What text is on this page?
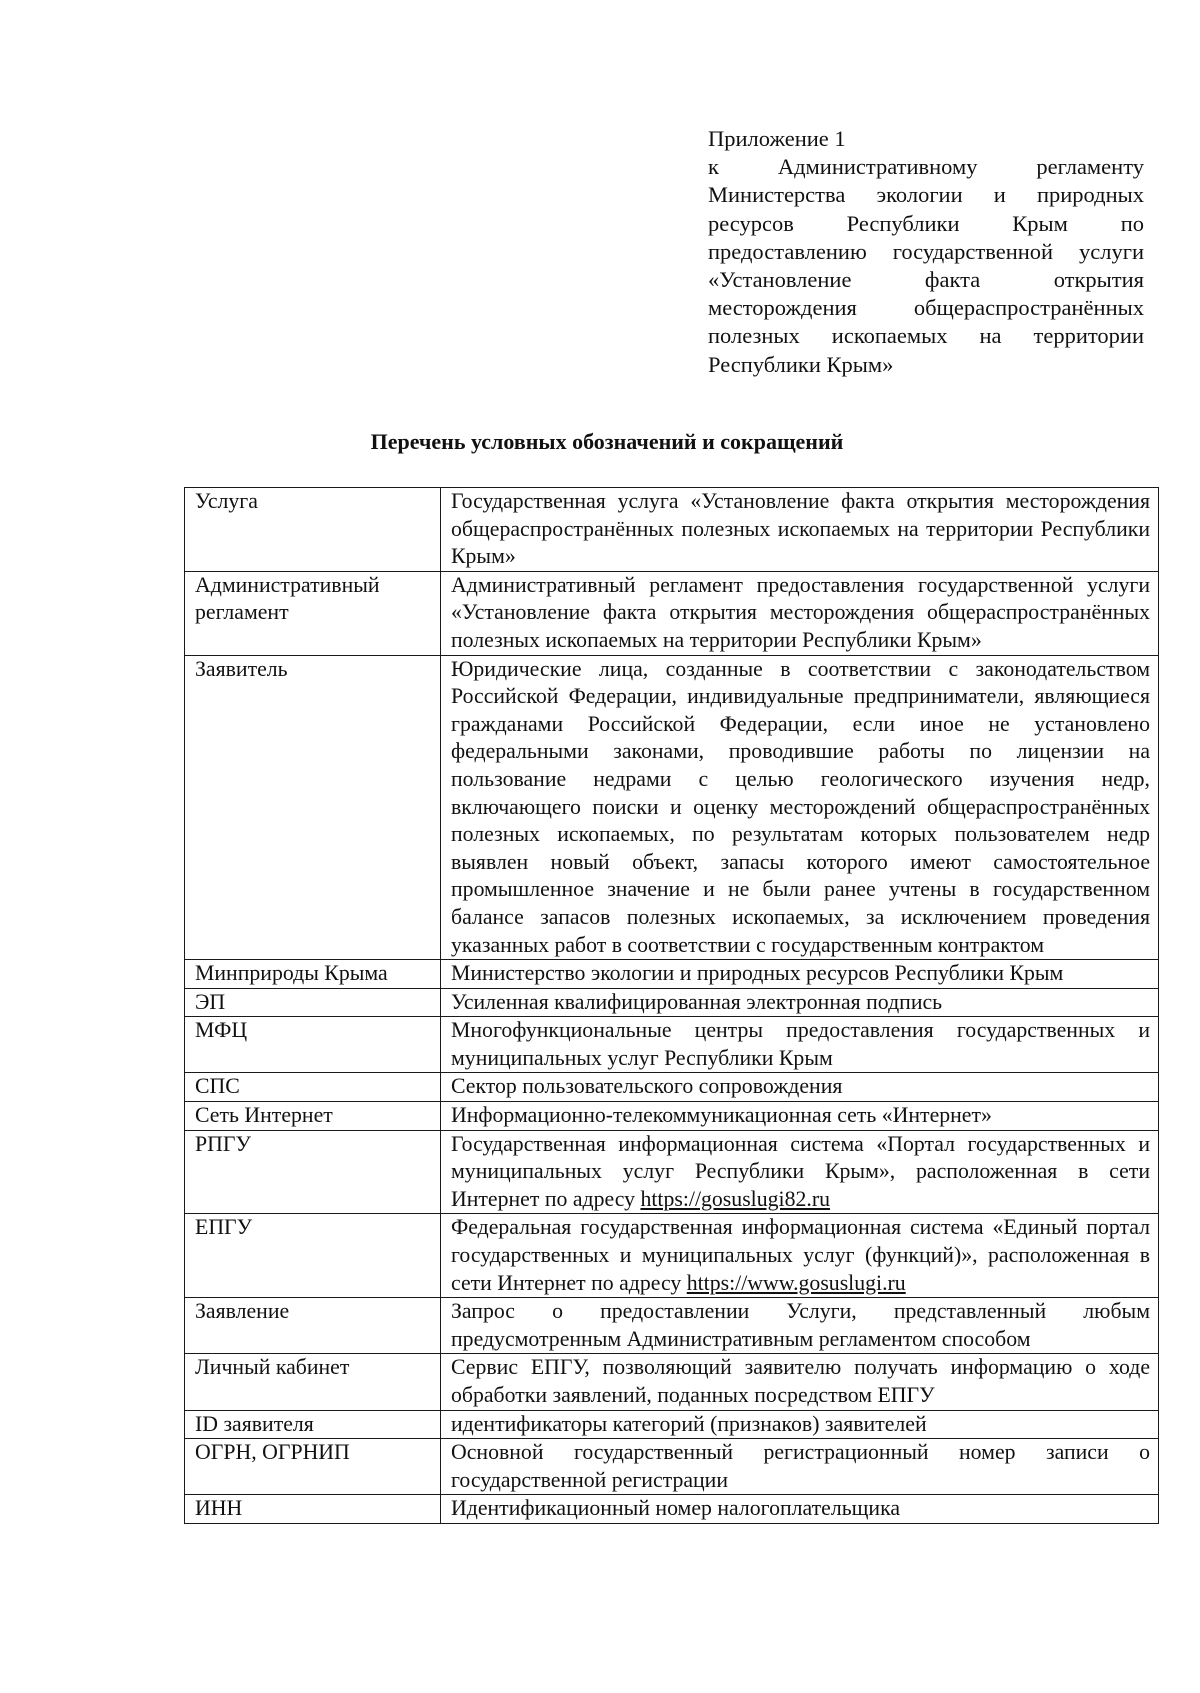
Приложение 1
к Административному регламенту Министерства экологии и природных ресурсов Республики Крым по предоставлению государственной услуги «Установление факта открытия месторождения общераспространённых полезных ископаемых на территории Республики Крым»
Перечень условных обозначений и сокращений
Услуга	Государственная услуга «Установление факта открытия месторождения общераспространённых полезных ископаемых на территории Республики Крым»
Административный регламент	Административный регламент предоставления государственной услуги «Установление факта открытия месторождения общераспространённых полезных ископаемых на территории Республики Крым»
Заявитель	Юридические лица, созданные в соответствии с законодательством Российской Федерации, индивидуальные предприниматели, являющиеся гражданами Российской Федерации, если иное не установлено федеральными законами, проводившие работы по лицензии на пользование недрами с целью геологического изучения недр, включающего поиски и оценку месторождений общераспространённых полезных ископаемых, по результатам которых пользователем недр выявлен новый объект, запасы которого имеют самостоятельное промышленное значение и не были ранее учтены в государственном балансе запасов полезных ископаемых, за исключением проведения указанных работ в соответствии с государственным контрактом
Минприроды Крыма	Министерство экологии и природных ресурсов Республики Крым
ЭП	Усиленная квалифицированная электронная подпись
МФЦ	Многофункциональные центры предоставления государственных и муниципальных услуг Республики Крым
СПС	Сектор пользовательского сопровождения
Сеть Интернет	Информационно-телекоммуникационная сеть «Интернет»
РПГУ	Государственная информационная система «Портал государственных и муниципальных услуг Республики Крым», расположенная в сети Интернет по адресу https://gosuslugi82.ru
ЕПГУ	Федеральная государственная информационная система «Единый портал государственных и муниципальных услуг (функций)», расположенная в сети Интернет по адресу https://www.gosuslugi.ru
Заявление	Запрос о предоставлении Услуги, представленный любым предусмотренным Административным регламентом способом
Личный кабинет	Сервис ЕПГУ, позволяющий заявителю получать информацию о ходе обработки заявлений, поданных посредством ЕПГУ
ID заявителя	идентификаторы категорий (признаков) заявителей
ОГРН, ОГРНИП	Основной государственный регистрационный номер записи о государственной регистрации
ИНН	Идентификационный номер налогоплательщика
